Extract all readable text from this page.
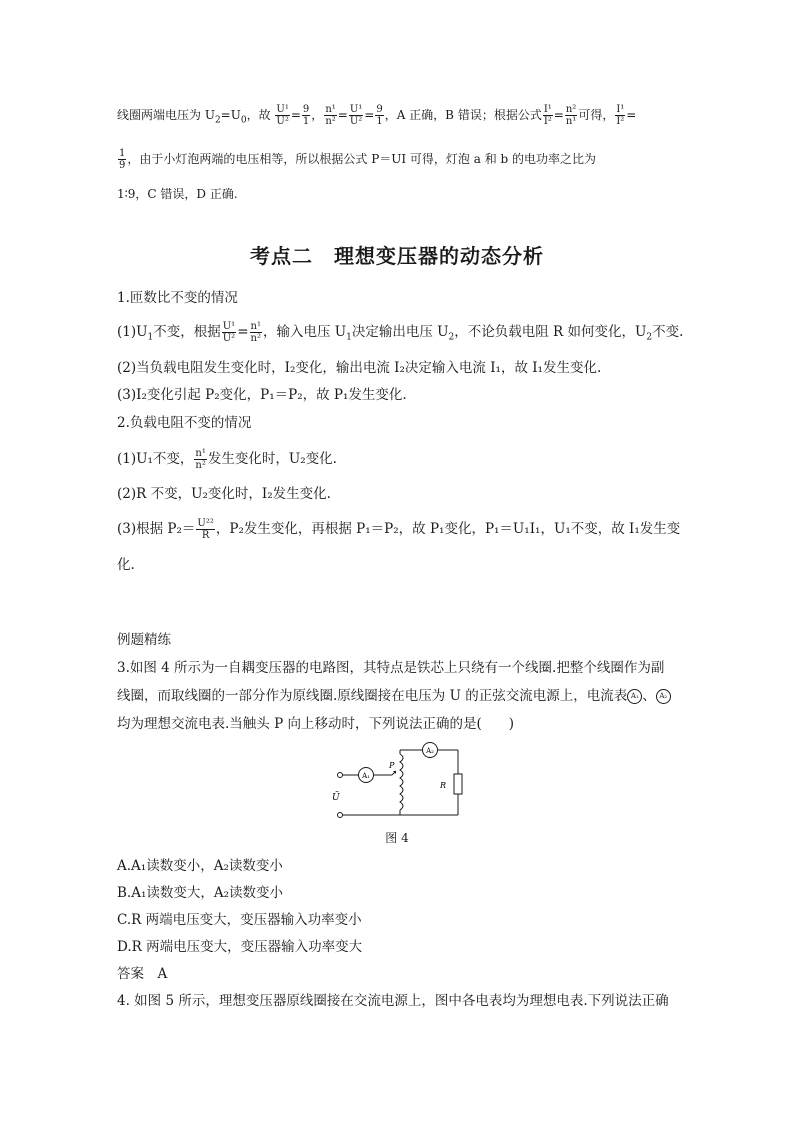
线圈两端电压为 $U_2=U_0$，故 $\frac{\text{U¹}}{\text{U²}} = \frac{9}{1}$ ， $\frac{\text{n¹}}{\text{n²}} = \frac{\text{U¹}}{\text{U²}} = \frac{9}{1}$ ，A 正确，B 错误；根据公式 $\frac{\text{I¹}}{\text{I²}} = \frac{\text{n²}}{\text{n¹}}$ 可得， $\frac{\text{I¹}}{\text{I²}}$ =
$\frac{1}{9}$ ，由于小灯泡两端的电压相等，所以根据公式 P＝UI 可得，灯泡 a 和 b 的电功率之比为
1∶9，C 错误，D 正确.
考点二　理想变压器的动态分析
1.匝数比不变的情况
$(1)U_1$不变，根据 $\frac{\text{U¹}}{\text{U²}} = \frac{\text{n¹}}{\text{n²}}$ ，输入电压 $U_1$决定输出电压 $U_2$，不论负载电阻 R 如何变化，$U_2$不变.
(2)当负载电阻发生变化时，I₂变化，输出电流 I₂决定输入电流 I₁，故 I₁发生变化.
(3)I₂变化引起 P₂变化，P₁＝P₂，故 P₁发生变化.
2.负载电阻不变的情况
(1)U₁不变， $\frac{\text{n¹}}{\text{n²}}$ 发生变化时，U₂变化.
(2)R 不变，U₂变化时，I₂发生变化.
(3)根据 $P_2= \frac{\text{U²²}}{R}$ ，P₂发生变化，再根据 P₁＝P₂，故 P₁变化，P₁＝U₁I₁，U₁不变，故 I₁发生变
化.
例题精练
3.如图 4 所示为一自耦变压器的电路图，其特点是铁芯上只绕有一个线圈.把整个线圈作为副
线圈，而取线圈的一部分作为原线圈.原线圈接在电压为 U 的正弦交流电源上，电流表 A₁ 、 A₂
均为理想交流电表.当触头 P 向上移动时，下列说法正确的是(　　)
Ũ
A₁
P
A₂
R
图 4
A.A₁读数变小，A₂读数变小
B.A₁读数变大，A₂读数变小
C.R 两端电压变大，变压器输入功率变小
D.R 两端电压变大，变压器输入功率变大
答案　 A
4. 如图 5 所示，理想变压器原线圈接在交流电源上，图中各电表均为理想电表.下列说法正确
